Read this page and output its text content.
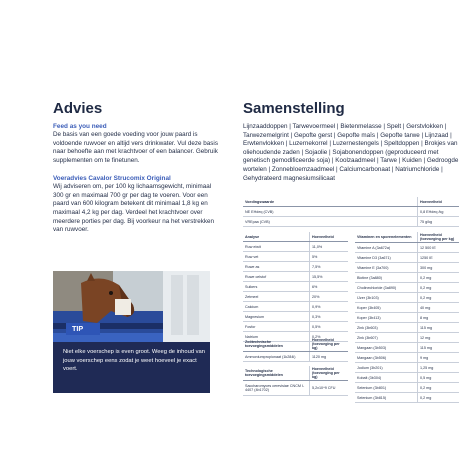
Advies
Feed as you need
De basis van een goede voeding voor jouw paard is voldoende ruwvoer en altijd vers drinkwater. Vul deze basis naar behoefte aan met krachtvoer of een balancer. Gebruik supplementen om te finetunen.
Voeradvies Cavalor Strucomix Original
Wij adviseren om, per 100 kg lichaamsgewicht, minimaal 300 gr en maximaal 700 gr per dag te voeren. Voor een paard van 600 kilogram betekent dit minimaal 1,8 kg en maximaal 4,2 kg per dag. Verdeel het krachtvoer over meerdere porties per dag. Bij voorkeur na het verstrekken van ruwvoer.
Niet elke voerschep is even groot. Weeg de inhoud van jouw voerschep eens zodat je weet hoeveel je exact voert.
TIP
Samenstelling
Lijnzaaddoppen | Tarwevoermeel | Bietenmelasse | Spelt | Gerstvlokken | Tarwezemelgrint | Gepofte gerst | Gepofte maïs | Gepofte tarwe | Lijnzaad | Erwtenvlokken | Luzernekorrel | Luzernestengels | Speltdoppen | Brokjes van oliehoudende zaden | Sojaolie | Sojabonendoppen (geproduceerd met genetisch gemodificeerde soja) | Koolzaadmeel | Tarwe | Kuiden | Gedroogde wortelen | Zonnebloemzaadmeel | Calciumcarbonaat | Natriumchloride | Gehydrateerd magnesiumsilicaat
Voedingswaarde	Hoeveelheid
NE EHdeq (CVB)	0,8 EHdeq /kg
VREpaa (CVB)	75 g/kg
Analyse	Hoeveelheid
Ruw eiwit	11,0%
Ruw vet	5%
Ruwe as	7,5%
Ruwe celstof	15,5%
Suikers	6%
Zetmeel	20%
Calcium	0,9%
Magnesium	0,3%
Fosfor	0,5%
Natrium	0,2%
Zoötechnische toevoegingsmiddelen	Hoeveelheid (toevoeging per kg)
Ammoniumpropionaat (1k284i)	1120 mg
Technologische toevoegingsmiddelen	Hoeveelheid (toevoeging per kg)
Saccharomyces cerevisiae CNCM I-4407 (4b1702)	5,2x10^9 CFU
Vitaminen en sporenelementen	Hoeveelheid (toevoeging per kg)
Vitamine A (3a672a)	12 500 IE
Vitamine D3 (3a671)	1250 IE
Vitamine E (3a700)	300 mg
Biotine (3a880)	0,2 mg
Cholinechloride (3a890)	0,2 mg
IJzer (3b103)	0,2 mg
Koper (3b405)	40 mg
Koper (3b413)	8 mg
Zink (3b603)	115 mg
Zink (3b607)	12 mg
Mangaan (3b503)	115 mg
Mangaan (3b506)	9 mg
Jodium (3b201)	1,25 mg
Kobalt (3b304)	0,5 mg
Selenium (3b801)	0,2 mg
Selenium (3b815)	0,2 mg
